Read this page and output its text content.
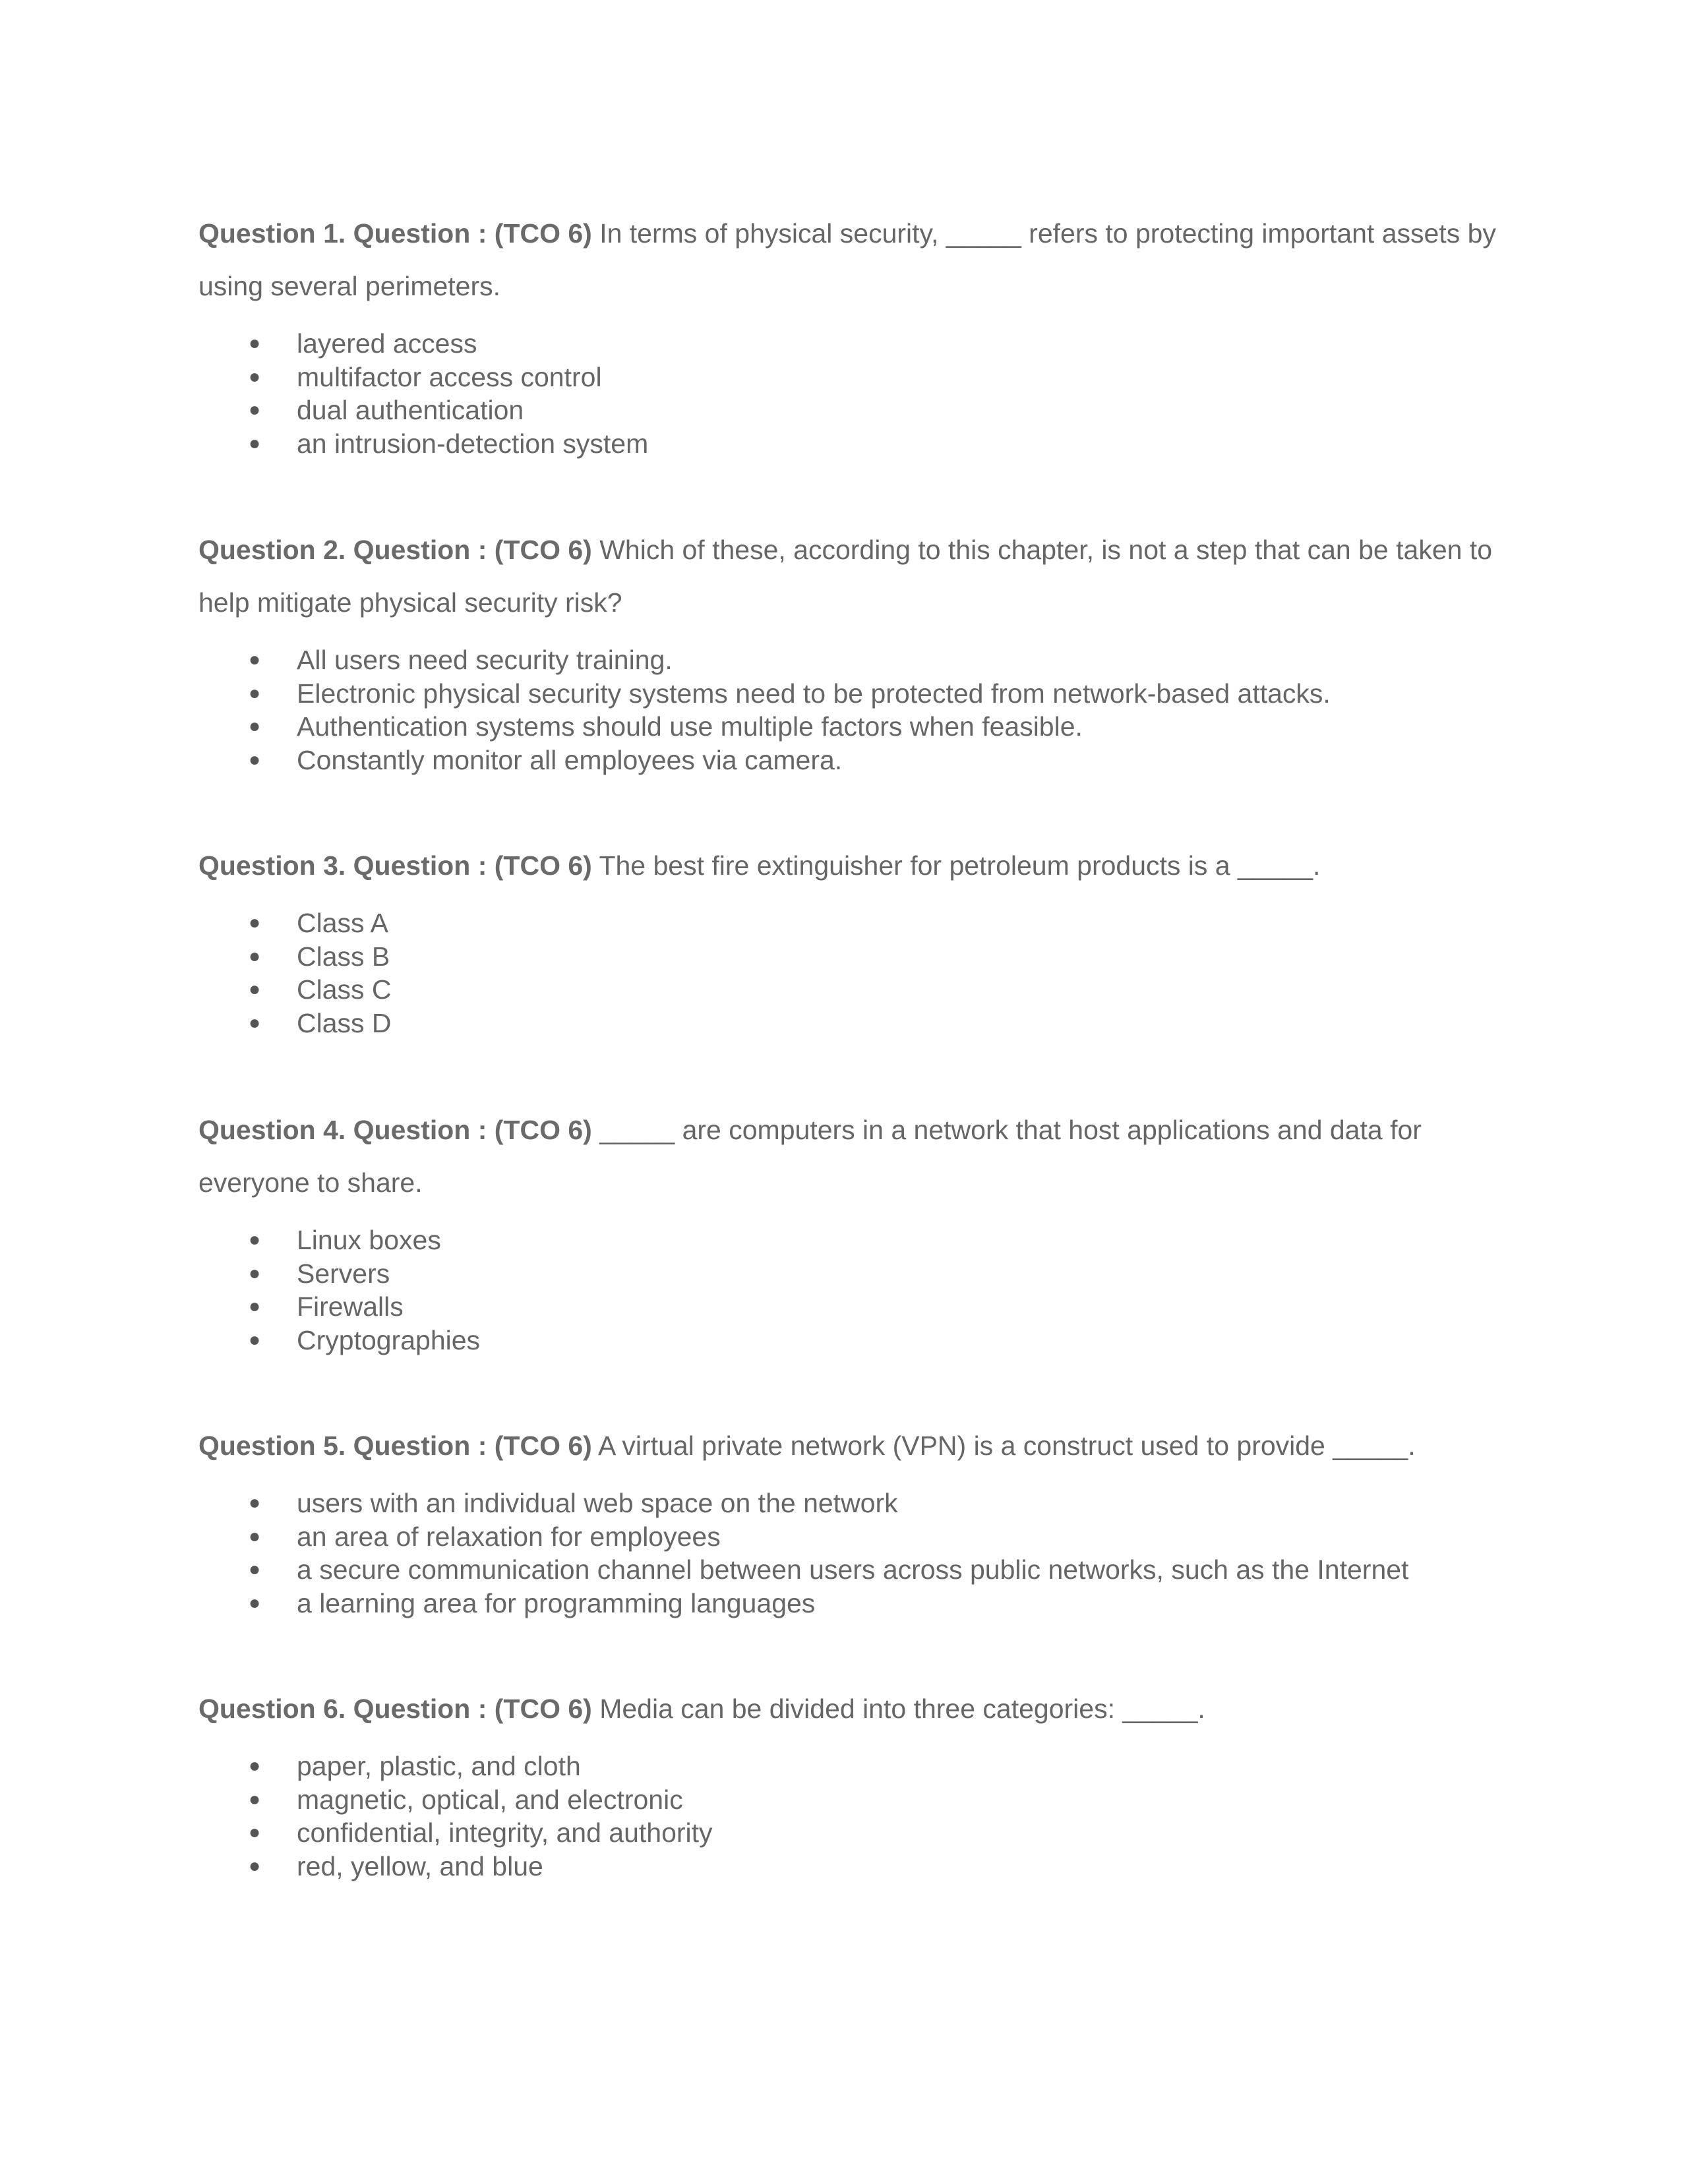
Question 1. Question : (TCO 6) In terms of physical security, _____ refers to protecting important assets by using several perimeters.

● layered access
● multifactor access control
● dual authentication
● an intrusion-detection system

Question 2. Question : (TCO 6) Which of these, according to this chapter, is not a step that can be taken to help mitigate physical security risk?

● All users need security training.
● Electronic physical security systems need to be protected from network-based attacks.
● Authentication systems should use multiple factors when feasible.
● Constantly monitor all employees via camera.

Question 3. Question : (TCO 6) The best fire extinguisher for petroleum products is a _____.

● Class A
● Class B
● Class C
● Class D

Question 4. Question : (TCO 6) _____ are computers in a network that host applications and data for everyone to share.

● Linux boxes
● Servers
● Firewalls
● Cryptographies

Question 5. Question : (TCO 6) A virtual private network (VPN) is a construct used to provide _____.

● users with an individual web space on the network
● an area of relaxation for employees
● a secure communication channel between users across public networks, such as the Internet
● a learning area for programming languages

Question 6. Question : (TCO 6) Media can be divided into three categories: _____.

● paper, plastic, and cloth
● magnetic, optical, and electronic
● confidential, integrity, and authority
● red, yellow, and blue
